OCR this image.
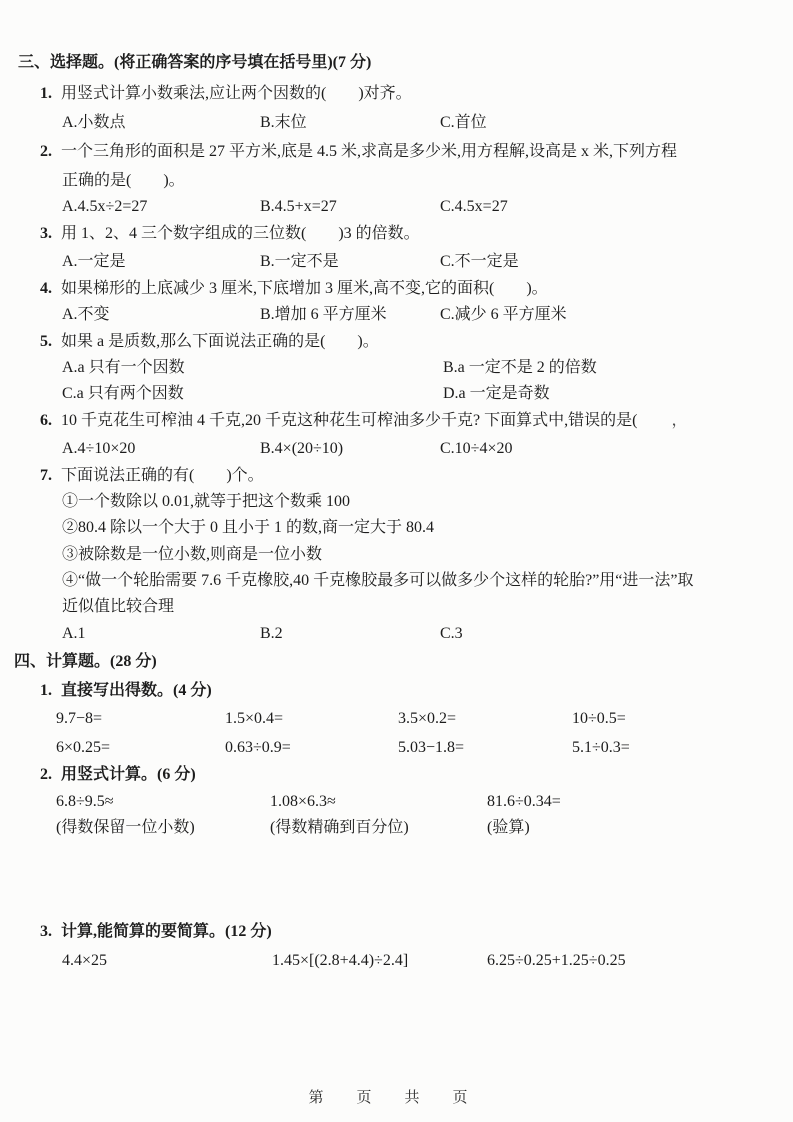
三、选择题。(将正确答案的序号填在括号里)(7 分)
1. 用竖式计算小数乘法,应让两个因数的(　　)对齐。
A.小数点	B.末位	C.首位
2. 一个三角形的面积是 27 平方米,底是 4.5 米,求高是多少米,用方程解,设高是 x 米,下列方程
正确的是(　　)。
A.4.5x÷2=27	B.4.5+x=27	C.4.5x=27
3. 用 1、2、4 三个数字组成的三位数(　　)3 的倍数。
A.一定是	B.一定不是	C.不一定是
4. 如果梯形的上底减少 3 厘米,下底增加 3 厘米,高不变,它的面积(　　)。
A.不变	B.增加 6 平方厘米	C.减少 6 平方厘米
5. 如果 a 是质数,那么下面说法正确的是(　　)。
A.a 只有一个因数	B.a 一定不是 2 的倍数
C.a 只有两个因数	D.a 一定是奇数
6. 10 千克花生可榨油 4 千克,20 千克这种花生可榨油多少千克? 下面算式中,错误的是( ，
A.4÷10×20	B.4×(20÷10)	C.10÷4×20
7. 下面说法正确的有(　　)个。
①一个数除以 0.01,就等于把这个数乘 100
②80.4 除以一个大于 0 且小于 1 的数,商一定大于 80.4
③被除数是一位小数,则商是一位小数
④“做一个轮胎需要 7.6 千克橡胶,40 千克橡胶最多可以做多少个这样的轮胎?”用“进一法”取
近似值比较合理
A.1	B.2	C.3
四、计算题。(28 分)
1. 直接写出得数。(4 分)
9.7−8=	1.5×0.4=	3.5×0.2=	10÷0.5=
6×0.25=	0.63÷0.9=	5.03−1.8=	5.1÷0.3=
2. 用竖式计算。(6 分)
6.8÷9.5≈	1.08×6.3≈	81.6÷0.34=
(得数保留一位小数)	(得数精确到百分位)	(验算)
3. 计算,能简算的要简算。(12 分)
4.4×25	1.45×[(2.8+4.4)÷2.4]	6.25÷0.25+1.25÷0.25
第　页　共　页
